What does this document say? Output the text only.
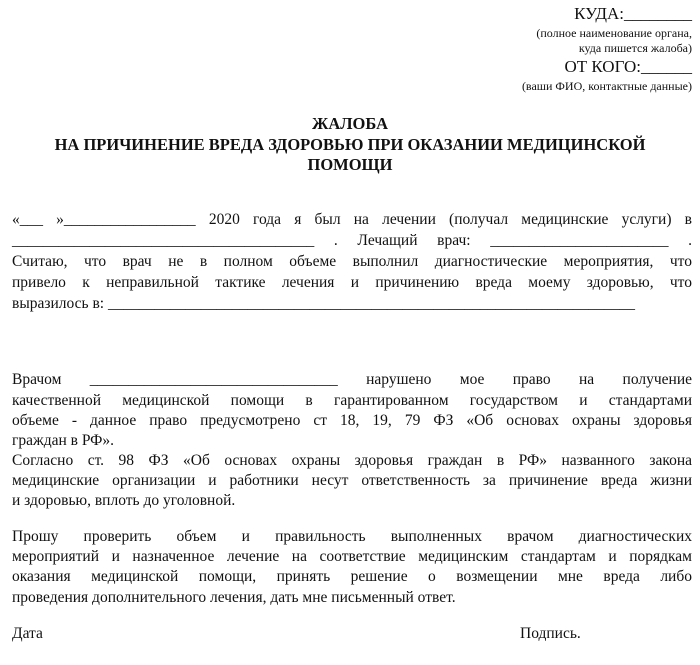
КУДА:________
(полное наименование органа,
куда пишется жалоба)
ОТ КОГО:______
(ваши ФИО, контактные данные)
ЖАЛОБА
НА ПРИЧИНЕНИЕ ВРЕДА ЗДОРОВЬЮ ПРИ ОКАЗАНИИ МЕДИЦИНСКОЙ
ПОМОЩИ
«___ »_________________ 2020 года я был на лечении (получал медицинские услуги) в
_______________________________________ . Лечащий врач: _______________________ .
Считаю, что врач не в полном объеме выполнил диагностические мероприятия, что
привело к неправильной тактике лечения и причинению вреда моему здоровью, что
выразилось в: ____________________________________________________________________
Врачом ________________________________ нарушено мое право на получение
качественной медицинской помощи в гарантированном государством и стандартами
объеме - данное право предусмотрено ст 18, 19, 79 ФЗ «Об основах охраны здоровья
граждан в РФ».
Согласно ст. 98 ФЗ «Об основах охраны здоровья граждан в РФ» названного закона
медицинские организации и работники несут ответственность за причинение вреда жизни
и здоровью, вплоть до уголовной.
Прошу проверить объем и правильность выполненных врачом диагностических
мероприятий и назначенное лечение на соответствие медицинским стандартам и порядкам
оказания медицинской помощи, принять решение о возмещении мне вреда либо
проведения дополнительного лечения, дать мне письменный ответ.
Дата	Подпись.
